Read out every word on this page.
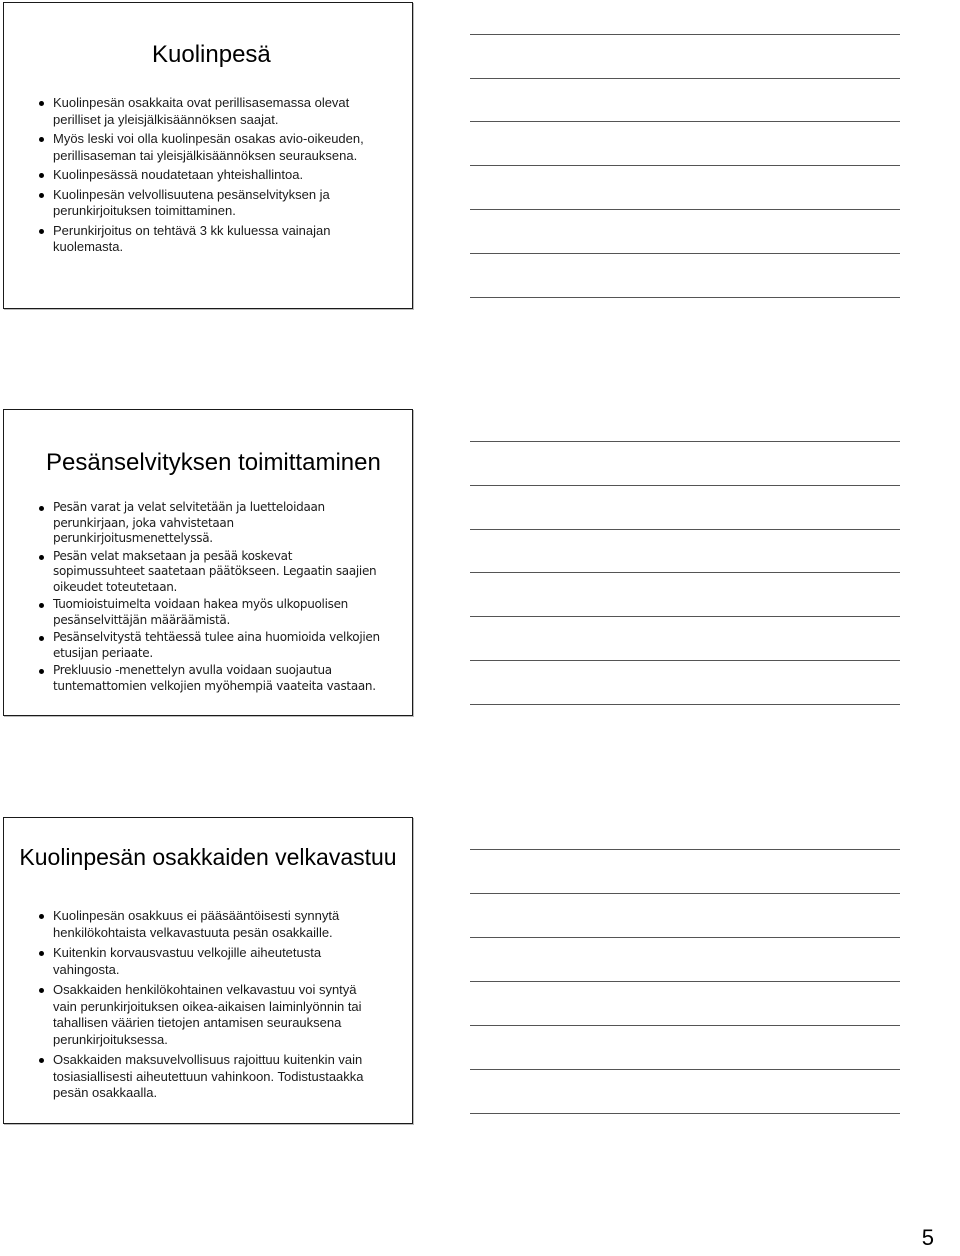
Kuolinpesä
Kuolinpesän osakkaita ovat perillisasemassa olevat perilliset ja yleisjälkisäännöksen saajat.
Myös leski voi olla kuolinpesän osakas avio-oikeuden, perillisaseman tai yleisjälkisäännöksen seurauksena.
Kuolinpesässä noudatetaan yhteishallintoa.
Kuolinpesän velvollisuutena pesänselvityksen ja perunkirjoituksen toimittaminen.
Perunkirjoitus on tehtävä 3 kk kuluessa vainajan kuolemasta.
Pesänselvityksen toimittaminen
Pesän varat ja velat selvitetään ja luetteloidaan perunkirjaan, joka vahvistetaan perunkirjoitusmenettelyssä.
Pesän velat maksetaan ja pesää koskevat sopimussuhteet saatetaan päätökseen. Legaatin saajien oikeudet toteutetaan.
Tuomioistuimelta voidaan hakea myös ulkopuolisen pesänselvittäjän määräämistä.
Pesänselvitystä tehtäessä tulee aina huomioida velkojien etusijan periaate.
Prekluusio -menettelyn avulla voidaan suojautua tuntemattomien velkojien myöhempiä vaateita vastaan.
Kuolinpesän osakkaiden velkavastuu
Kuolinpesän osakkuus ei pääsääntöisesti synnytä henkilökohtaista velkavastuuta pesän osakkaille.
Kuitenkin korvausvastuu velkojille aiheutetusta vahingosta.
Osakkaiden henkilökohtainen velkavastuu voi syntyä vain perunkirjoituksen oikea-aikaisen laiminlyönnin tai tahallisen väärien tietojen antamisen seurauksena perunkirjoituksessa.
Osakkaiden maksuvelvollisuus rajoittuu kuitenkin vain tosiasiallisesti aiheutettuun vahinkoon. Todistustaakka pesän osakkaalla.
5
